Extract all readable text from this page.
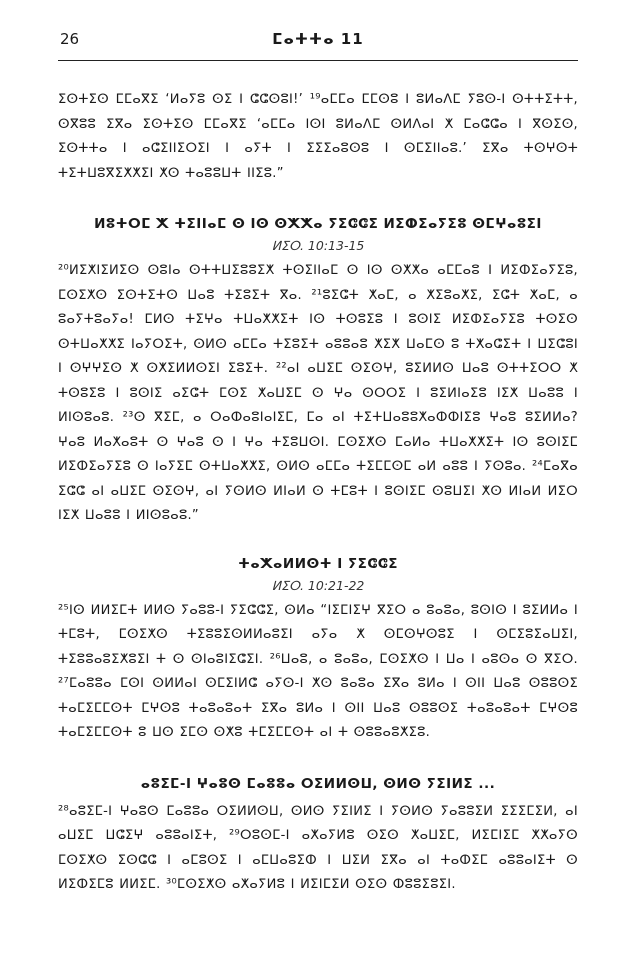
26	ⵎⴰⵜⵜⴰ 11

ⵉⵙⵜⵉⵙ ⵎⵎⴰⴳⵉ ‘ⵍⴰⵢⵓ ⵙⵉ ⵏ ⵛⵛⵙⵓⵏ!’ ¹⁹ⴰⵎⵎⴰ ⵎⵎⵙⵓ ⵏ ⵓⵍⴰⴷⵎ ⵢⵓⵙ-ⵏ ⵙⵜⵜⵉⵜⵜ, ⵙⴳⵓⵓ ⵉⴳⴰ ⵉⵙⵜⵉⵙ ⵎⵎⴰⴳⵉ ‘ⴰⵎⵎⴰ ⵏⵙⵏ ⵓⵍⴰⴷⵎ ⵙⵍⴷⴰⵏ ⵅ ⵎⴰⵛⵛⴰ ⵏ ⴳⵙⵉⵙ, ⵉⵙⵜⵜⴰ ⵏ ⴰⵛⵉⵏⵏⵉⵔⵉⵏ ⵏ ⴰⵢⵜ ⵏ ⵉⵉⵉⴰⵓⵙⵓ ⵏ ⵙⵎⵉⵏⵏⴰⵓ.’ ⵉⴳⴰ ⵜⵙⵖⵙⵜ ⵜⵉⵜⵡⵓⴳⵉⵅⵅⵉⵏ ⵅⵙ ⵜⴰⵓⵓⵡⵜ ⵏⵏⵉⵓ.”

ⵍⵓⵜⵔⵎ ⵅ ⵜⵉⵏⵏⴰⵎ ⵙ ⵏⵙ ⵙⵅⵅⴰ ⵢⵉⵛⵛⵉ ⵍⵉⵀⵉⴰⵢⵉⵓ ⵙⵎⵖⴰⵓⵉⵏ
ⵍⵉⵔ. 10:13-15

²⁰ⵍⵉⵅⵏⵉⵍⵉⵙ ⵙⵓⵏⴰ ⵙⵜⵜⵡⵉⵓⵓⵉⵅ ⵜⵙⵉⵏⵏⴰⵎ ⵙ ⵏⵙ ⵙⵅⵅⴰ ⴰⵎⵎⴰⵓ ⵏ ⵍⵉⵀⵉⴰⵢⵉⵓ, ⵎⵙⵉⵅⵙ ⵉⵙⵜⵉⵜⵙ ⵡⴰⵓ ⵜⵉⵓⵉⵜ ⴳⴰ. ²¹ⵓⵉⵛⵜ ⵅⴰⵎ, ⴰ ⵅⵉⵓⴰⵅⵉ, ⵉⵛⵜ ⵅⴰⵎ, ⴰ ⵓⴰⵢⵜⵓⴰⵢⴰ! ⵎⵍⵙ ⵜⵉⵖⴰ ⵜⵡⴰⵅⵅⵉⵜ ⵏⵙ ⵜⵙⵓⵉⵓ ⵏ ⵓⵙⵏⵉ ⵍⵉⵀⵉⴰⵢⵉⵓ ⵜⵙⵉⵙ ⵙⵜⵡⴰⵅⵅⵉ ⵏⴰⵢⵔⵉⵜ, ⵙⵍⵙ ⴰⵎⵎⴰ ⵜⵉⵓⵉⵜ ⴰⵓⵓⴰⵓ ⵅⵉⵅ ⵡⴰⵎⵙ ⵓ ⵜⵅⴰⵛⵉⵜ ⵏ ⵡⵉⵛⵓⵏ ⵏ ⵙⵖⵖⵉⵙ ⵅ ⵙⵅⵉⵍⵍⵙⵉⵏ ⵉⵓⵉⵜ. ²²ⴰⵏ ⴰⵡⵉⵎ ⵙⵉⵙⵖ, ⵓⵉⵍⵍⵙ ⵡⴰⵓ ⵙⵜⵜⵉⵔⵔ ⵅ ⵜⵙⵓⵉⵓ ⵏ ⵓⵙⵏⵉ ⴰⵉⵛⵜ ⵎⵙⵉ ⵅⴰⵡⵉⵎ ⵙ ⵖⴰ ⵙⵔⵔⵉ ⵏ ⵓⵉⵍⵏⴰⵉⵓ ⵏⵉⵅ ⵡⴰⵓⵓ ⵏ ⵍⵏⵙⵓⴰⵓ. ²³ⵙ ⴳⵉⵎ, ⴰ ⵔⴰⵀⴰⵓⵏⴰⵏⵉⵎ, ⵎⴰ ⴰⵏ ⵜⵉⵜⵡⴰⵓⵓⵅⴰⵀⵀⵏⵉⵓ ⵖⴰⵓ ⵓⵉⵍⵍⴰ? ⵖⴰⵓ ⵍⴰⵅⴰⵓⵜ ⵙ ⵖⴰⵓ ⵙ ⵏ ⵖⴰ ⵜⵉⵓⵡⵙⵏ. ⵎⵙⵉⵅⵙ ⵎⴰⵍⴰ ⵜⵡⴰⵅⵅⵉⵜ ⵏⵙ ⵓⵙⵏⵉⵎ ⵍⵉⵀⵉⴰⵢⵉⵓ ⵙ ⵏⴰⵢⵉⵎ ⵙⵜⵡⴰⵅⵅⵉ, ⵙⵍⵙ ⴰⵎⵎⴰ ⵜⵉⵎⵎⵙⵎ ⴰⵍ ⴰⵓⵓ ⵏ ⵢⵙⵓⴰ. ²⁴ⵎⴰⴳⴰ ⵉⵛⵛ ⴰⵏ ⴰⵡⵉⵎ ⵙⵉⵙⵖ, ⴰⵏ ⵢⵙⵍⵙ ⵍⵏⴰⵍ ⵙ ⵜⵎⵓⵜ ⵏ ⵓⵙⵏⵉⵎ ⵙⵓⵡⵉⵏ ⵅⵙ ⵍⵏⴰⵍ ⵍⵉⵔ ⵏⵉⵅ ⵡⴰⵓⵓ ⵏ ⵍⵏⵙⵓⴰⵓ.”

ⵜⴰⵅⴰⵍⵍⵙⵜ ⵏ ⵢⵉⵛⵛⵉ
ⵍⵉⵔ. 10:21-22

²⁵ⵏⵙ ⵍⵍⵉⵎⵜ ⵍⵍⵙ ⵢⴰⵓⵓ-ⵏ ⵢⵉⵛⵛⵉ, ⵙⵍⴰ “ⵏⵉⵎⵏⵉⵖ ⴳⵉⵔ ⴰ ⵓⴰⵓⴰ, ⵓⵙⵏⵙ ⵏ ⵓⵉⵍⵍⴰ ⵏ ⵜⵎⵓⵜ, ⵎⵙⵉⵅⵙ ⵜⵉⵓⵓⵉⵙⵍⵍⴰⵓⵉⵏ ⴰⵢⴰ ⵅ ⵙⵎⵙⵖⵙⵓⵉ ⵏ ⵙⵎⵉⵓⵉⴰⵡⵉⵏ, ⵜⵉⵓⵓⴰⵓⵉⵅⵓⵉⵏ ⵜ ⵙ ⵙⵏⴰⵓⵏⵉⵛⵉⵏ. ²⁶ⵡⴰⵓ, ⴰ ⵓⴰⵓⴰ, ⵎⵙⵉⵅⵙ ⵏ ⵡⴰ ⵏ ⴰⵓⵙⴰ ⵙ ⴳⵉⵔ. ²⁷ⵎⴰⵓⵓⴰ ⵎⵙⵏ ⵙⵍⵍⴰⵏ ⵙⵎⵉⵏⵍⵛ ⴰⵢⵙ-ⵏ ⵅⵙ ⵓⴰⵓⴰ ⵉⴳⴰ ⵓⵍⴰ ⵏ ⵙⵏⵏ ⵡⴰⵓ ⵙⵓⵓⵙⵉ ⵜⴰⵎⵉⵎⵎⵙⵜ ⵎⵖⵙⵓ ⵜⴰⵓⴰⵓⴰⵜ ⵉⴳⴰ ⵓⵍⴰ ⵏ ⵙⵏⵏ ⵡⴰⵓ ⵙⵓⵓⵙⵉ ⵜⴰⵓⴰⵓⴰⵜ ⵎⵖⵙⵓ ⵜⴰⵎⵉⵎⵎⵙⵜ ⵓ ⵡⵙ ⵉⵎⵙ ⵙⵅⵓ ⵜⵎⵉⵎⵎⵙⵜ ⴰⵏ ⵜ ⵙⵓⵓⴰⵓⵅⵉⵓ.

ⴰⵓⵉⵎ-ⵏ ⵖⴰⵓⵙ ⵎⴰⵓⵓⴰ ⵔⵉⵍⵍⵙⵡ, ⵙⵍⵙ ⵢⵉⵏⵍⵉ ...

²⁸ⴰⵓⵉⵎ-ⵏ ⵖⴰⵓⵙ ⵎⴰⵓⵓⴰ ⵔⵉⵍⵍⵙⵡ, ⵙⵍⵙ ⵢⵉⵏⵍⵉ ⵏ ⵢⵙⵍⵙ ⵢⴰⵓⵓⵉⵍ ⵉⵉⵉⵎⵉⵍ, ⴰⵏ ⴰⵡⵉⵎ ⵡⵛⵉⵖ ⴰⵓⵓⴰⵏⵉⵜ, ²⁹ⵔⵓⵙⵎ-ⵏ ⴰⵅⴰⵢⵍⵓ ⵙⵉⵙ ⵅⴰⵡⵉⵎ, ⵍⵉⵎⵏⵉⵎ ⵅⵅⴰⵢⵙ ⵎⵙⵉⵅⵙ ⵉⵙⵛⵛ ⵏ ⴰⵎⵓⵙⵉ ⵏ ⴰⵎⵡⴰⵓⵉⵀ ⵏ ⵡⵉⵍ ⵉⴳⴰ ⴰⵏ ⵜⴰⵀⵉⵎ ⴰⵓⵓⴰⵏⵉⵜ ⵙ ⵍⵉⵀⵉⵎⵓ ⵍⵍⵉⵎ. ³⁰ⵎⵙⵉⵅⵙ ⴰⵅⴰⵢⵍⵓ ⵏ ⵍⵉⵏⵎⵉⵍ ⵙⵉⵙ ⵀⵓⵓⵉⵓⵉⵏ.
